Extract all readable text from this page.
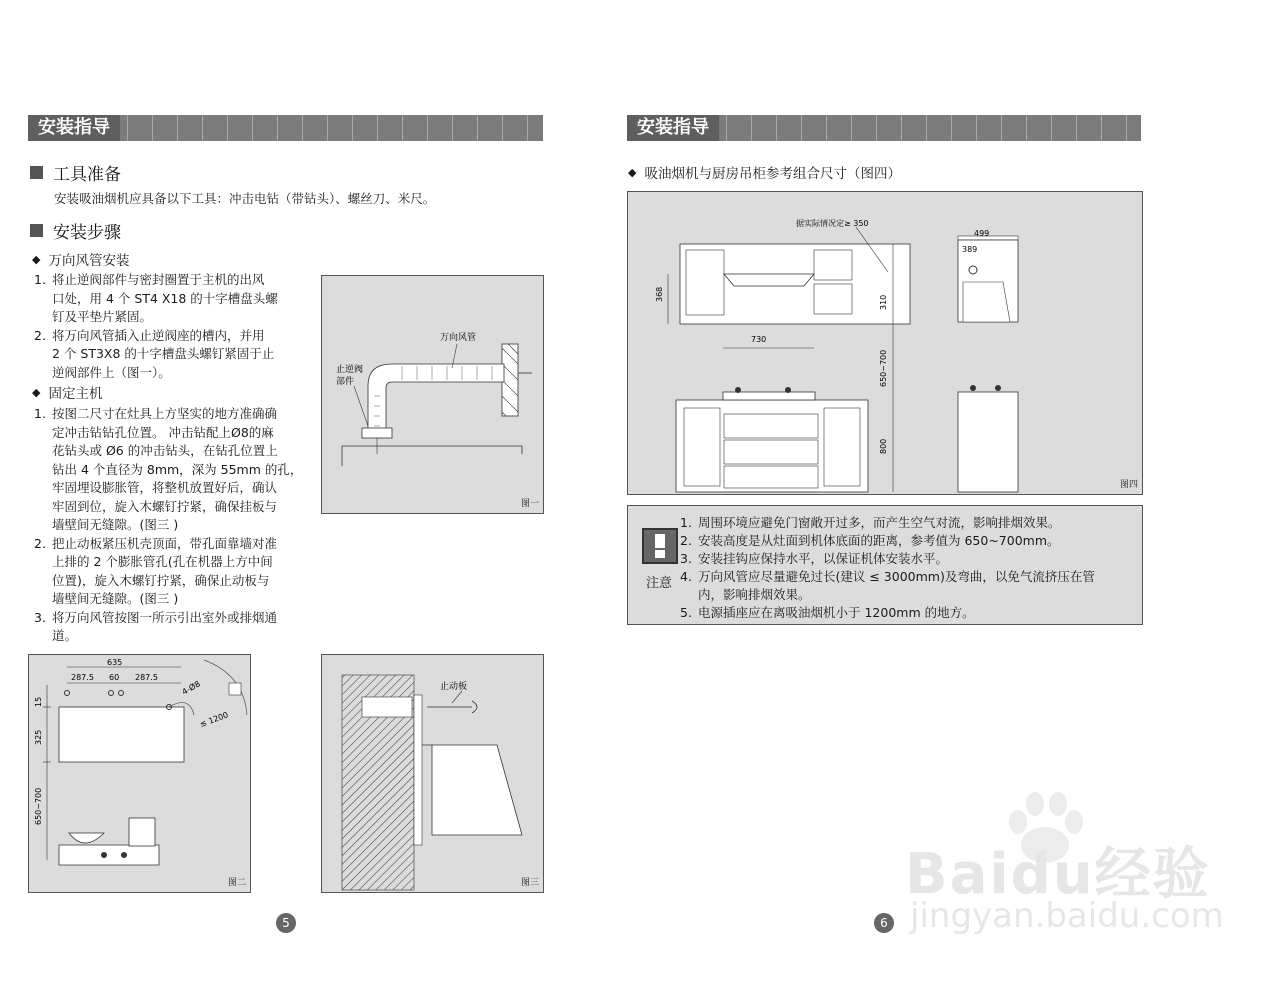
安装指导
工具准备
安装吸油烟机应具备以下工具：冲击电钻（带钻头）、螺丝刀、米尺。
安装步骤
◆ 万向风管安装
1. 将止逆阀部件与密封圈置于主机的出风
口处，用 4 个 ST4 X18 的十字槽盘头螺
钉及平垫片紧固。
2. 将万向风管插入止逆阀座的槽内，并用
2 个 ST3X8 的十字槽盘头螺钉紧固于止
逆阀部件上（图一）。
◆ 固定主机
1. 按图二尺寸在灶具上方坚实的地方准确确
定冲击钻钻孔位置。 冲击钻配上Ø8的麻
花钻头或 Ø6 的冲击钻头，在钻孔位置上
钻出 4 个直径为 8mm，深为 55mm 的孔，
牢固埋设膨胀管，将整机放置好后，确认
牢固到位，旋入木螺钉拧紧，确保挂板与
墙壁间无缝隙。(图三 )
2. 把止动板紧压机壳顶面，带孔面靠墙对准
上排的 2 个膨胀管孔(孔在机器上方中间
位置)，旋入木螺钉拧紧，确保止动板与
墙壁间无缝隙。(图三 )
3. 将万向风管按图一所示引出室外或排烟通
道。
万向风管
止逆阀
部件
图一
635
287.5 60 287.5
4-Ø8
≤ 1200
15
325
650~700
图二
止动板
图三
5
安装指导
◆ 吸油烟机与厨房吊柜参考组合尺寸（图四）
据实际情况定≥ 350
368
310
730
650~700
800
499
389
图四
注意
1. 周围环境应避免门窗敞开过多，而产生空气对流，影响排烟效果。
2. 安装高度是从灶面到机体底面的距离，参考值为 650~700mm。
3. 安装挂钩应保持水平，以保证机体安装水平。
4. 万向风管应尽量避免过长(建议 ≤ 3000mm)及弯曲，以免气流挤压在管
内，影响排烟效果。
5. 电源插座应在离吸油烟机小于 1200mm 的地方。
6
Baidu经验
jingyan.baidu.com
